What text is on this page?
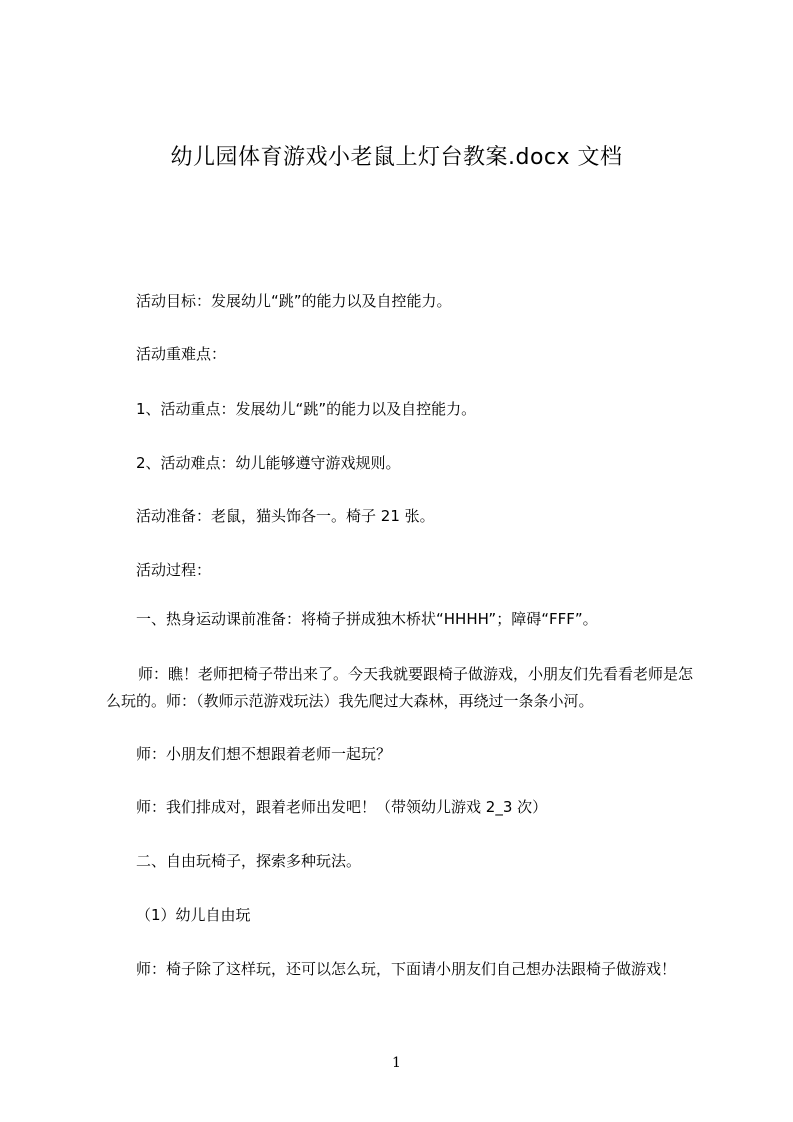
幼儿园体育游戏小老鼠上灯台教案.docx 文档
活动目标：发展幼儿“跳”的能力以及自控能力。
活动重难点：
1、活动重点：发展幼儿“跳”的能力以及自控能力。
2、活动难点：幼儿能够遵守游戏规则。
活动准备：老鼠，猫头饰各一。椅子 21 张。
活动过程：
一、热身运动课前准备：将椅子拼成独木桥状“HHHH”；障碍“FFF”。
师：瞧！老师把椅子带出来了。今天我就要跟椅子做游戏，小朋友们先看看老师是怎么玩的。师：（教师示范游戏玩法）我先爬过大森林，再绕过一条条小河。
师：小朋友们想不想跟着老师一起玩？
师：我们排成对，跟着老师出发吧！（带领幼儿游戏 2_3 次）
二、自由玩椅子，探索多种玩法。
（1）幼儿自由玩
师：椅子除了这样玩，还可以怎么玩，下面请小朋友们自己想办法跟椅子做游戏！
1
